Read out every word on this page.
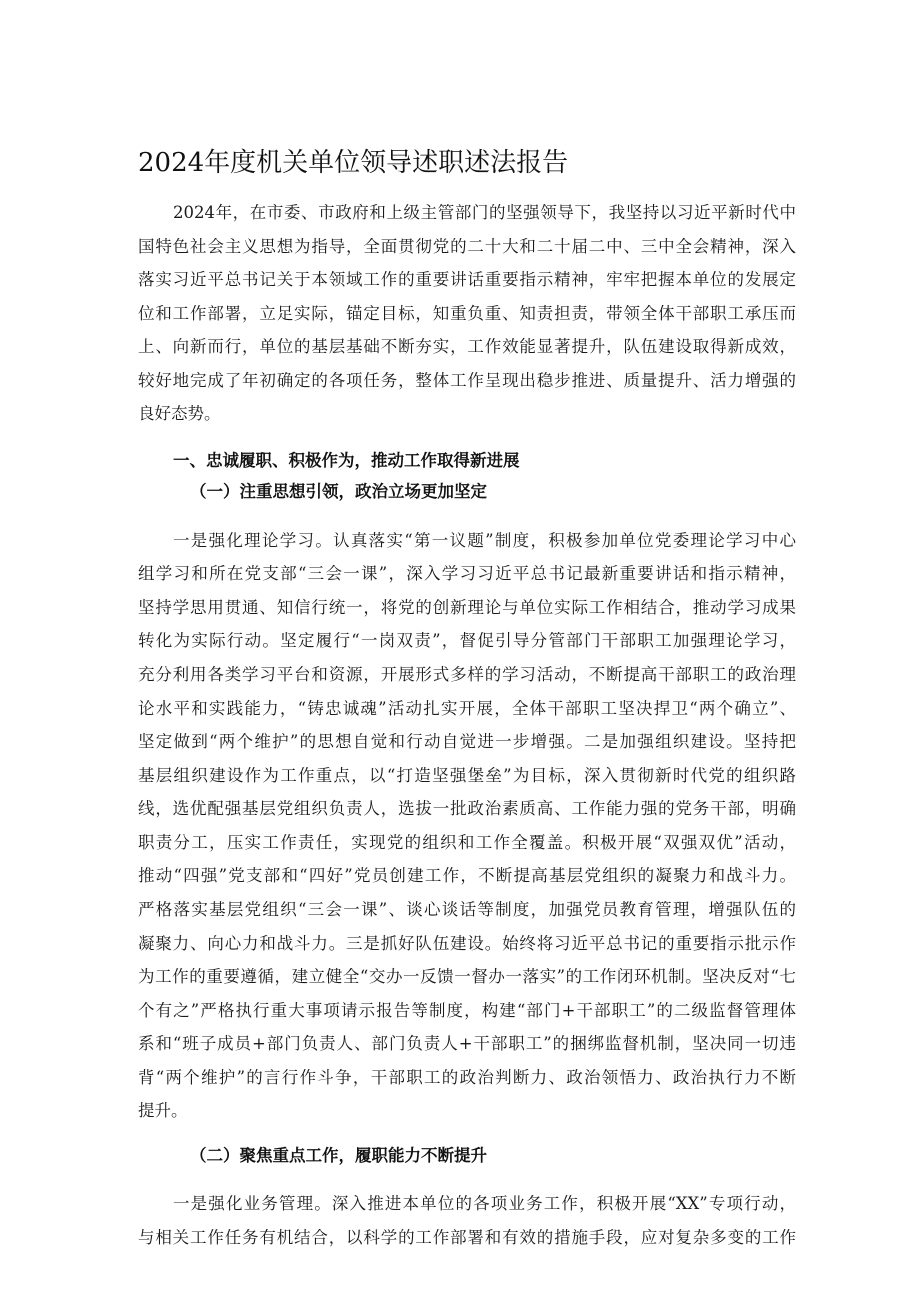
2024年度机关单位领导述职述法报告

2024年，在市委、市政府和上级主管部门的坚强领导下，我坚持以习近平新时代中

国特色社会主义思想为指导，全面贯彻党的二十大和二十届二中、三中全会精神，深入

落实习近平总书记关于本领域工作的重要讲话重要指示精神，牢牢把握本单位的发展定

位和工作部署，立足实际，锚定目标，知重负重、知责担责，带领全体干部职工承压而

上、向新而行，单位的基层基础不断夯实，工作效能显著提升，队伍建设取得新成效，

较好地完成了年初确定的各项任务，整体工作呈现出稳步推进、质量提升、活力增强的

良好态势。

一、忠诚履职、积极作为，推动工作取得新进展

（一）注重思想引领，政治立场更加坚定

一是强化理论学习。认真落实“第一议题”制度，积极参加单位党委理论学习中心

组学习和所在党支部“三会一课”，深入学习习近平总书记最新重要讲话和指示精神，

坚持学思用贯通、知信行统一，将党的创新理论与单位实际工作相结合，推动学习成果

转化为实际行动。坚定履行“一岗双责”，督促引导分管部门干部职工加强理论学习，

充分利用各类学习平台和资源，开展形式多样的学习活动，不断提高干部职工的政治理

论水平和实践能力，“铸忠诚魂”活动扎实开展，全体干部职工坚决捍卫“两个确立”、

坚定做到“两个维护”的思想自觉和行动自觉进一步增强。二是加强组织建设。坚持把

基层组织建设作为工作重点，以“打造坚强堡垒”为目标，深入贯彻新时代党的组织路

线，选优配强基层党组织负责人，选拔一批政治素质高、工作能力强的党务干部，明确

职责分工，压实工作责任，实现党的组织和工作全覆盖。积极开展“双强双优”活动，

推动“四强”党支部和“四好”党员创建工作，不断提高基层党组织的凝聚力和战斗力。

严格落实基层党组织“三会一课”、谈心谈话等制度，加强党员教育管理，增强队伍的

凝聚力、向心力和战斗力。三是抓好队伍建设。始终将习近平总书记的重要指示批示作

为工作的重要遵循，建立健全“交办一反馈一督办一落实”的工作闭环机制。坚决反对“七

个有之”严格执行重大事项请示报告等制度，构建“部门+干部职工”的二级监督管理体

系和“班子成员+部门负责人、部门负责人+干部职工”的捆绑监督机制，坚决同一切违

背“两个维护”的言行作斗争，干部职工的政治判断力、政治领悟力、政治执行力不断

提升。

（二）聚焦重点工作，履职能力不断提升

一是强化业务管理。深入推进本单位的各项业务工作，积极开展“XX”专项行动，

与相关工作任务有机结合，以科学的工作部署和有效的措施手段，应对复杂多变的工作
